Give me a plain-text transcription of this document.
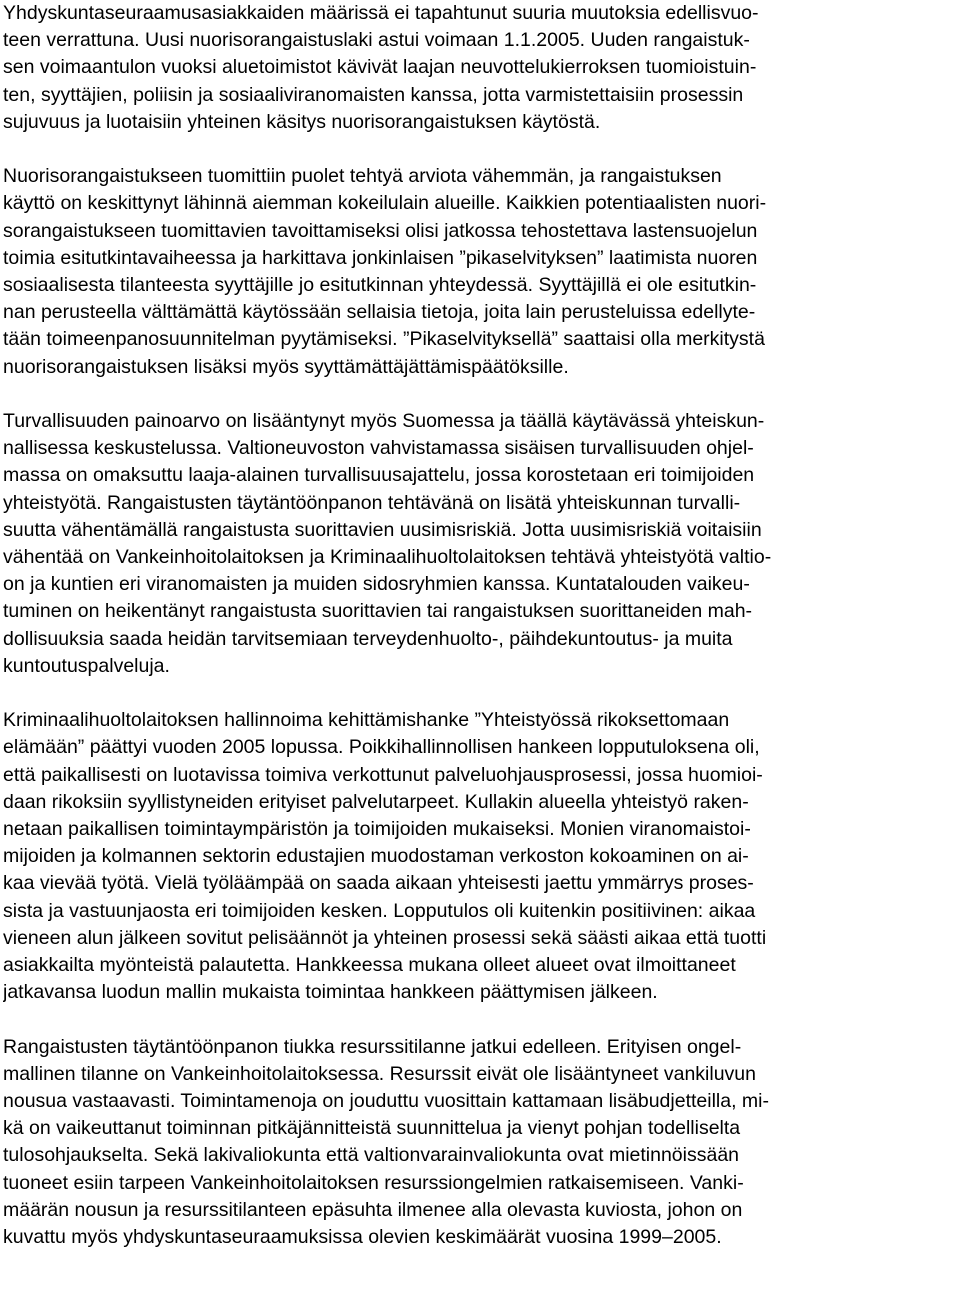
Yhdyskuntaseuraamusasiakkaiden määrissä ei tapahtunut suuria muutoksia edellisvuo-
teen verrattuna. Uusi nuorisorangaistuslaki astui voimaan 1.1.2005. Uuden rangaistuk-
sen voimaantulon vuoksi aluetoimistot kävivät laajan neuvottelukierroksen tuomioistuin-
ten, syyttäjien, poliisin ja sosiaaliviranomaisten kanssa, jotta varmistettaisiin prosessin
sujuvuus ja luotaisiin yhteinen käsitys nuorisorangaistuksen käytöstä.
Nuorisorangaistukseen tuomittiin puolet tehtyä arviota vähemmän, ja rangaistuksen
käyttö on keskittynyt lähinnä aiemman kokeilulain alueille. Kaikkien potentiaalisten nuori-
sorangaistukseen tuomittavien tavoittamiseksi olisi jatkossa tehostettava lastensuojelun
toimia esitutkintavaiheessa ja harkittava jonkinlaisen ”pikaselvityksen” laatimista nuoren
sosiaalisesta tilanteesta syyttäjille jo esitutkinnan yhteydessä. Syyttäjillä ei ole esitutkin-
nan perusteella välttämättä käytössään sellaisia tietoja, joita lain perusteluissa edellyte-
tään toimeenpanosuunnitelman pyytämiseksi. ”Pikaselvityksellä” saattaisi olla merkitystä
nuorisorangaistuksen lisäksi myös syyttämättäjättämispäätöksille.
Turvallisuuden painoarvo on lisääntynyt myös Suomessa ja täällä käytävässä yhteiskun-
nallisessa keskustelussa. Valtioneuvoston vahvistamassa sisäisen turvallisuuden ohjel-
massa on omaksuttu laaja-alainen turvallisuusajattelu, jossa korostetaan eri toimijoiden
yhteistyötä. Rangaistusten täytäntöönpanon tehtävänä on lisätä yhteiskunnan turvalli-
suutta vähentämällä rangaistusta suorittavien uusimisriskiä. Jotta uusimisriskiä voitaisiin
vähentää on Vankeinhoitolaitoksen ja Kriminaalihuoltolaitoksen tehtävä yhteistyötä valtio-
on ja kuntien eri viranomaisten ja muiden sidosryhmien kanssa. Kuntatalouden vaikeu-
tuminen on heikentänyt rangaistusta suorittavien tai rangaistuksen suorittaneiden mah-
dollisuuksia saada heidän tarvitsemiaan terveydenhuolto-, päihdekuntoutus- ja muita
kuntoutuspalveluja.
Kriminaalihuoltolaitoksen hallinnoima kehittämishanke ”Yhteistyössä rikoksettomaan
elämään” päättyi vuoden 2005 lopussa. Poikkihallinnollisen hankeen lopputuloksena oli,
että paikallisesti on luotavissa toimiva verkottunut palveluohjausprosessi, jossa huomioi-
daan rikoksiin syyllistyneiden erityiset palvelutarpeet. Kullakin alueella yhteistyö raken-
netaan paikallisen toimintaympäristön ja toimijoiden mukaiseksi. Monien viranomaistoi-
mijoiden ja kolmannen sektorin edustajien muodostaman verkoston kokoaminen on ai-
kaa vievää työtä. Vielä työläämpää on saada aikaan yhteisesti jaettu ymmärrys proses-
sista ja vastuunjaosta eri toimijoiden kesken. Lopputulos oli kuitenkin positiivinen: aikaa
vieneen alun jälkeen sovitut pelisäännöt ja yhteinen prosessi sekä säästi aikaa että tuotti
asiakkailta myönteistä palautetta. Hankkeessa mukana olleet alueet ovat ilmoittaneet
jatkavansa luodun mallin mukaista toimintaa hankkeen päättymisen jälkeen.
Rangaistusten täytäntöönpanon tiukka resurssitilanne jatkui edelleen. Erityisen ongel-
mallinen tilanne on Vankeinhoitolaitoksessa. Resurssit eivät ole lisääntyneet vankiluvun
nousua vastaavasti. Toimintamenoja on jouduttu vuosittain kattamaan lisäbudjetteilla, mi-
kä on vaikeuttanut toiminnan pitkäjännitteistä suunnittelua ja vienyt pohjan todelliselta
tulosohjaukselta. Sekä lakivaliokunta että valtionvarainvaliokunta ovat mietinnöissään
tuoneet esiin tarpeen Vankeinhoitolaitoksen resurssiongelmien ratkaisemiseen. Vanki-
määrän nousun ja resurssitilanteen epäsuhta ilmenee alla olevasta kuviosta, johon on
kuvattu myös yhdyskuntaseuraamuksissa olevien keskimäärät vuosina 1999–2005.
